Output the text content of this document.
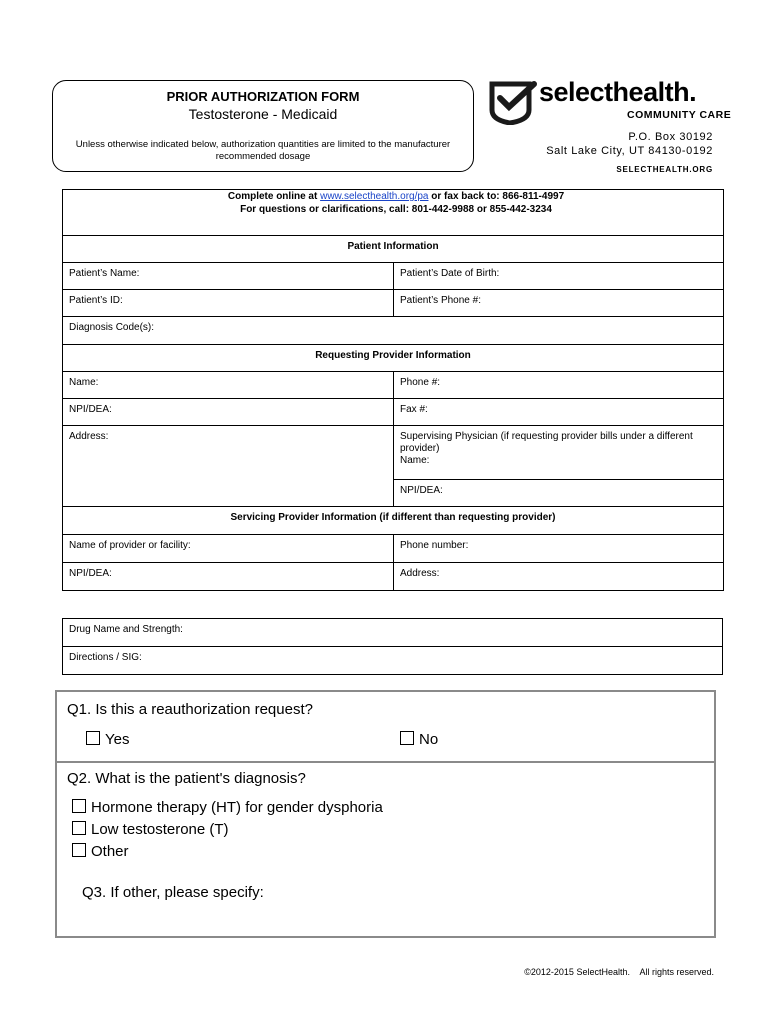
PRIOR AUTHORIZATION FORM
Testosterone - Medicaid
Unless otherwise indicated below, authorization quantities are limited to the manufacturer recommended dosage
selecthealth.
COMMUNITY CARE
P.O. Box 30192
Salt Lake City, UT 84130-0192
SELECTHEALTH.ORG
Complete online at www.selecthealth.org/pa or fax back to: 866-811-4997
For questions or clarifications, call: 801-442-9988 or 855-442-3234	

Patient Information	

Patient’s Name:	Patient’s Date of Birth:

Patient’s ID:	Patient’s Phone #:

Diagnosis Code(s):	

Requesting Provider Information	

Name:	Phone #:

NPI/DEA:	Fax #:

Address:	Supervising Physician (if requesting provider bills under a different provider)
Name:

	NPI/DEA:

Servicing Provider Information (if different than requesting provider)	

Name of provider or facility:	Phone number:

NPI/DEA:	Address:
Drug Name and Strength:

Directions / SIG:
Q1. Is this a reauthorization request?
Yes	No
Q2. What is the patient's diagnosis?
Hormone therapy (HT) for gender dysphoria
Low testosterone (T)
Other
Q3. If other, please specify:
©2012-2015 SelectHealth.    All rights reserved.
